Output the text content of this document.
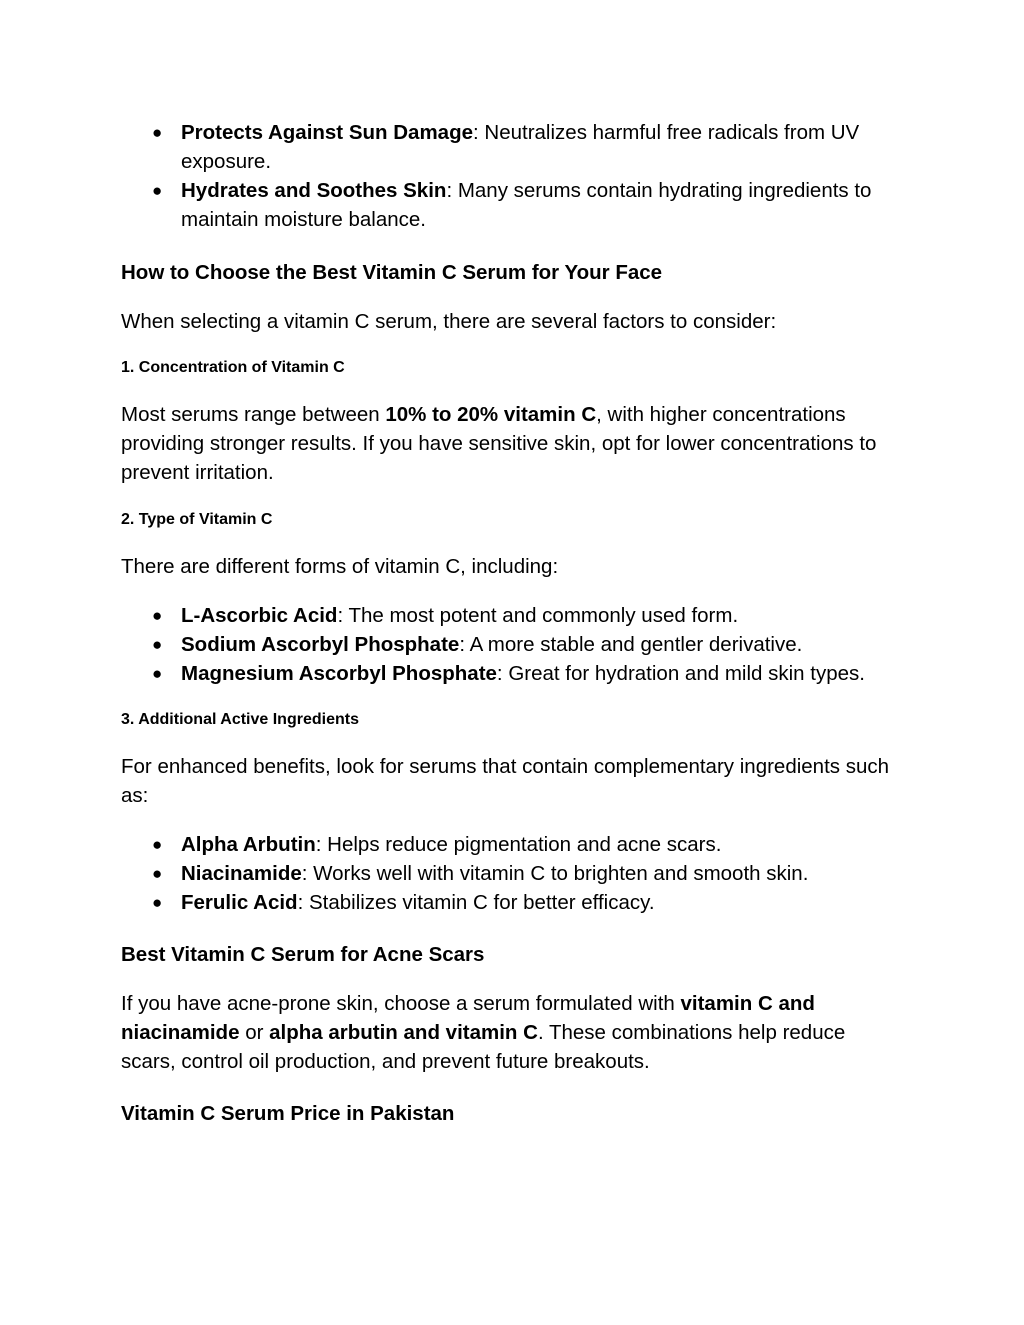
● Protects Against Sun Damage: Neutralizes harmful free radicals from UV exposure.
● Hydrates and Soothes Skin: Many serums contain hydrating ingredients to maintain moisture balance.
How to Choose the Best Vitamin C Serum for Your Face

When selecting a vitamin C serum, there are several factors to consider:

1. Concentration of Vitamin C

Most serums range between 10% to 20% vitamin C, with higher concentrations providing stronger results. If you have sensitive skin, opt for lower concentrations to prevent irritation.

2. Type of Vitamin C

There are different forms of vitamin C, including:

● L-Ascorbic Acid: The most potent and commonly used form.
● Sodium Ascorbyl Phosphate: A more stable and gentler derivative.
● Magnesium Ascorbyl Phosphate: Great for hydration and mild skin types.
3. Additional Active Ingredients

For enhanced benefits, look for serums that contain complementary ingredients such as:

● Alpha Arbutin: Helps reduce pigmentation and acne scars.
● Niacinamide: Works well with vitamin C to brighten and smooth skin.
● Ferulic Acid: Stabilizes vitamin C for better efficacy.
Best Vitamin C Serum for Acne Scars

If you have acne-prone skin, choose a serum formulated with vitamin C and niacinamide or alpha arbutin and vitamin C. These combinations help reduce scars, control oil production, and prevent future breakouts.

Vitamin C Serum Price in Pakistan
